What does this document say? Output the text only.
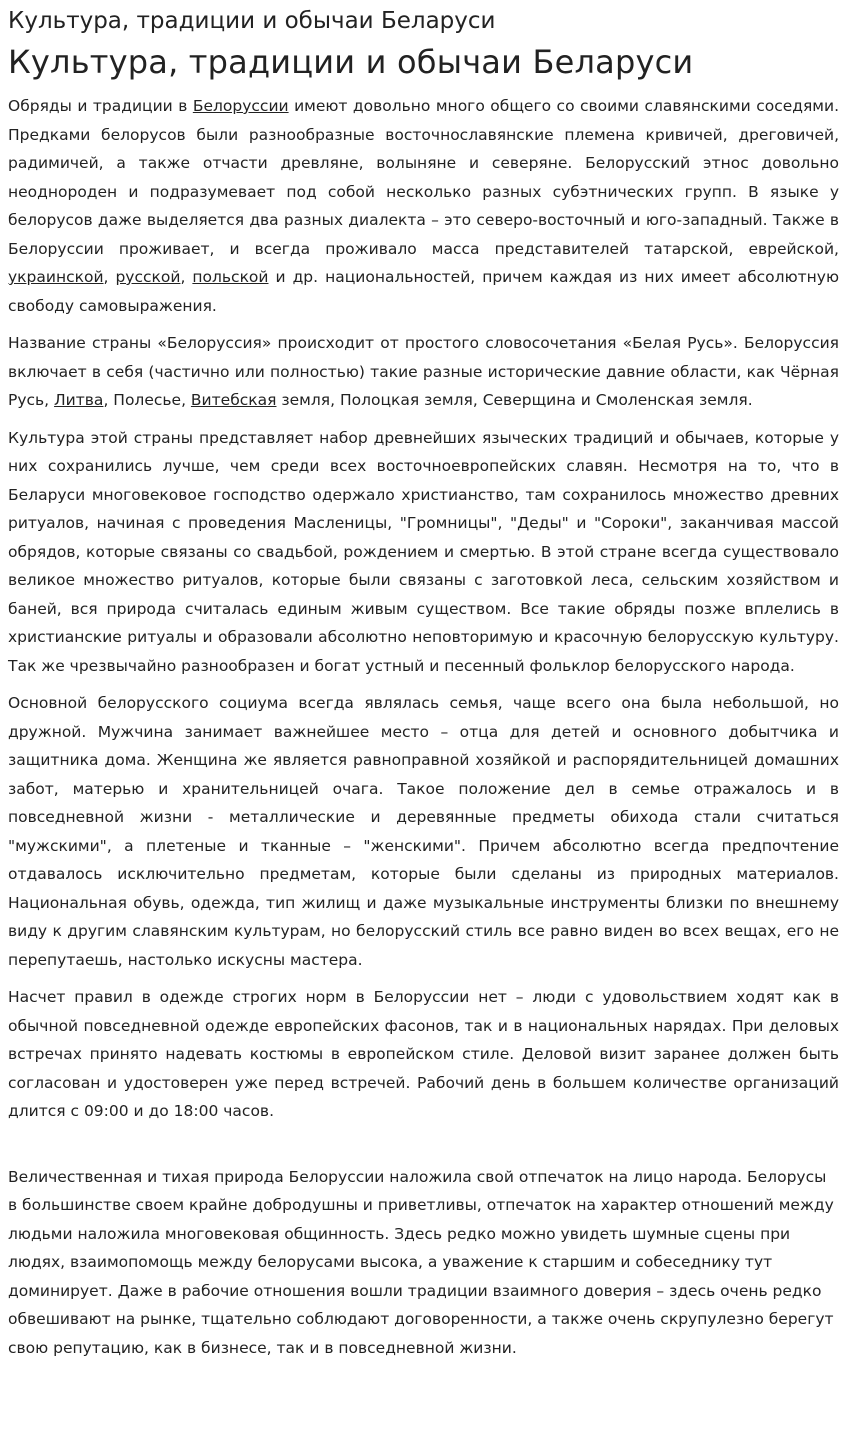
Культура, традиции и обычаи Беларуси
Культура, традиции и обычаи Беларуси

Обряды и традиции в Белоруссии имеют довольно много общего со своими славянскими соседями. Предками белорусов были разнообразные восточнославянские племена кривичей, дреговичей, радимичей, а также отчасти древляне, волыняне и северяне. Белорусский этнос довольно неоднороден и подразумевает под собой несколько разных субэтнических групп. В языке у белорусов даже выделяется два разных диалекта – это северо-восточный и юго-западный. Также в Белоруссии проживает, и всегда проживало масса представителей татарской, еврейской, украинской, русской, польской и др. национальностей, причем каждая из них имеет абсолютную свободу самовыражения.

Название страны «Белоруссия» происходит от простого словосочетания «Белая Русь». Белоруссия включает в себя (частично или полностью) такие разные исторические давние области, как Чёрная Русь, Литва, Полесье, Витебская земля, Полоцкая земля, Северщина и Смоленская земля.

Культура этой страны представляет набор древнейших языческих традиций и обычаев, которые у них сохранились лучше, чем среди всех восточноевропейских славян. Несмотря на то, что в Беларуси многовековое господство одержало христианство, там сохранилось множество древних ритуалов, начиная с проведения Масленицы, "Громницы", "Деды" и "Сороки", заканчивая массой обрядов, которые связаны со свадьбой, рождением и смертью. В этой стране всегда существовало великое множество ритуалов, которые были связаны с заготовкой леса, сельским хозяйством и баней, вся природа считалась единым живым существом. Все такие обряды позже вплелись в христианские ритуалы и образовали абсолютно неповторимую и красочную белорусскую культуру. Так же чрезвычайно разнообразен и богат устный и песенный фольклор белорусского народа.

Основной белорусского социума всегда являлась семья, чаще всего она была небольшой, но дружной. Мужчина занимает важнейшее место – отца для детей и основного добытчика и защитника дома. Женщина же является равноправной хозяйкой и распорядительницей домашних забот, матерью и хранительницей очага. Такое положение дел в семье отражалось и в повседневной жизни - металлические и деревянные предметы обихода стали считаться "мужскими", а плетеные и тканные – "женскими". Причем абсолютно всегда предпочтение отдавалось исключительно предметам, которые были сделаны из природных материалов. Национальная обувь, одежда, тип жилищ и даже музыкальные инструменты близки по внешнему виду к другим славянским культурам, но белорусский стиль все равно виден во всех вещах, его не перепутаешь, настолько искусны мастера.

Насчет правил в одежде строгих норм в Белоруссии нет – люди с удовольствием ходят как в обычной повседневной одежде европейских фасонов, так и в национальных нарядах. При деловых встречах принято надевать костюмы в европейском стиле. Деловой визит заранее должен быть согласован и удостоверен уже перед встречей. Рабочий день в большем количестве организаций длится с 09:00 и до 18:00 часов.

Величественная и тихая природа Белоруссии наложила свой отпечаток на лицо народа. Белорусы в большинстве своем крайне добродушны и приветливы, отпечаток на характер отношений между людьми наложила многовековая общинность. Здесь редко можно увидеть шумные сцены при людях, взаимопомощь между белорусами высока, а уважение к старшим и собеседнику тут доминирует. Даже в рабочие отношения вошли традиции взаимного доверия – здесь очень редко обвешивают на рынке, тщательно соблюдают договоренности, а также очень скрупулезно берегут свою репутацию, как в бизнесе, так и в повседневной жизни.
